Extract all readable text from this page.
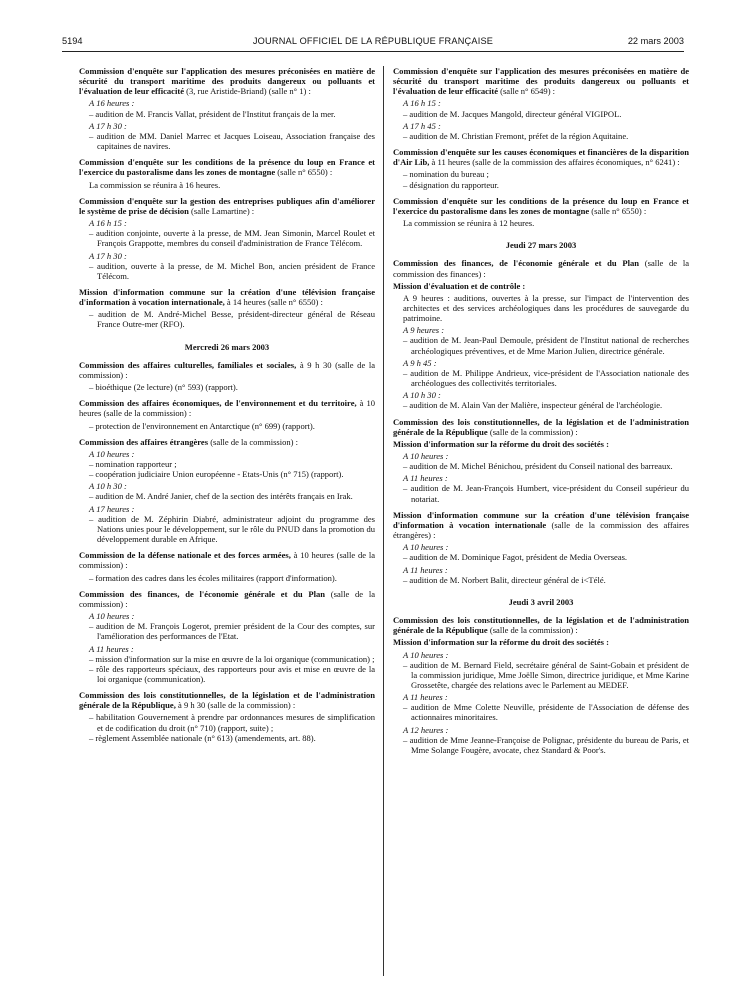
5194	JOURNAL OFFICIEL DE LA RÉPUBLIQUE FRANÇAISE	22 mars 2003

Commission d'enquête sur l'application des mesures préconisées en matière de sécurité du transport maritime des produits dangereux ou polluants et l'évaluation de leur efficacité (3, rue Aristide-Briand) (salle n° 1) :

A 16 heures :

– audition de M. Francis Vallat, président de l'Institut français de la mer.

A 17 h 30 :

– audition de MM. Daniel Marrec et Jacques Loiseau, Association française des capitaines de navires.

Commission d'enquête sur les conditions de la présence du loup en France et l'exercice du pastoralisme dans les zones de montagne (salle n° 6550) :

La commission se réunira à 16 heures.

Commission d'enquête sur la gestion des entreprises publiques afin d'améliorer le système de prise de décision (salle Lamartine) :

A 16 h 15 :

– audition conjointe, ouverte à la presse, de MM. Jean Simonin, Marcel Roulet et François Grappotte, membres du conseil d'administration de France Télécom.

A 17 h 30 :

– audition, ouverte à la presse, de M. Michel Bon, ancien président de France Télécom.

Mission d'information commune sur la création d'une télévision française d'information à vocation internationale, à 14 heures (salle n° 6550) :

– audition de M. André-Michel Besse, président-directeur général de Réseau France Outre-mer (RFO).

Mercredi 26 mars 2003

Commission des affaires culturelles, familiales et sociales, à 9 h 30 (salle de la commission) :

– bioéthique (2e lecture) (n° 593) (rapport).

Commission des affaires économiques, de l'environnement et du territoire, à 10 heures (salle de la commission) :

– protection de l'environnement en Antarctique (n° 699) (rapport).

Commission des affaires étrangères (salle de la commission) :

A 10 heures :

– nomination rapporteur ;

– coopération judiciaire Union européenne - Etats-Unis (n° 715) (rapport).

A 10 h 30 :

– audition de M. André Janier, chef de la section des intérêts français en Irak.

A 17 heures :

– audition de M. Zéphirin Diabré, administrateur adjoint du programme des Nations unies pour le développement, sur le rôle du PNUD dans la promotion du développement durable en Afrique.

Commission de la défense nationale et des forces armées, à 10 heures (salle de la commission) :

– formation des cadres dans les écoles militaires (rapport d'information).

Commission des finances, de l'économie générale et du Plan (salle de la commission) :

A 10 heures :

– audition de M. François Logerot, premier président de la Cour des comptes, sur l'amélioration des performances de l'Etat.

A 11 heures :

– mission d'information sur la mise en œuvre de la loi organique (communication) ;

– rôle des rapporteurs spéciaux, des rapporteurs pour avis et mise en œuvre de la loi organique (communication).

Commission des lois constitutionnelles, de la législation et de l'administration générale de la République, à 9 h 30 (salle de la commission) :

– habilitation Gouvernement à prendre par ordonnances mesures de simplification et de codification du droit (n° 710) (rapport, suite) ;

– règlement Assemblée nationale (n° 613) (amendements, art. 88).

Commission d'enquête sur l'application des mesures préconisées en matière de sécurité du transport maritime des produits dangereux ou polluants et l'évaluation de leur efficacité (salle n° 6549) :

A 16 h 15 :

– audition de M. Jacques Mangold, directeur général VIGIPOL.

A 17 h 45 :

– audition de M. Christian Fremont, préfet de la région Aquitaine.

Commission d'enquête sur les causes économiques et financières de la disparition d'Air Lib, à 11 heures (salle de la commission des affaires économiques, n° 6241) :

– nomination du bureau ;

– désignation du rapporteur.

Commission d'enquête sur les conditions de la présence du loup en France et l'exercice du pastoralisme dans les zones de montagne (salle n° 6550) :

La commission se réunira à 12 heures.

Jeudi 27 mars 2003

Commission des finances, de l'économie générale et du Plan (salle de la commission des finances) :

Mission d'évaluation et de contrôle :

A 9 heures : auditions, ouvertes à la presse, sur l'impact de l'intervention des architectes et des services archéologiques dans les procédures de sauvegarde du patrimoine.

A 9 heures :

– audition de M. Jean-Paul Demoule, président de l'Institut national de recherches archéologiques préventives, et de Mme Marion Julien, directrice générale.

A 9 h 45 :

– audition de M. Philippe Andrieux, vice-président de l'Association nationale des archéologues des collectivités territoriales.

A 10 h 30 :

– audition de M. Alain Van der Malière, inspecteur général de l'archéologie.

Commission des lois constitutionnelles, de la législation et de l'administration générale de la République (salle de la commission) :

Mission d'information sur la réforme du droit des sociétés :

A 10 heures :

– audition de M. Michel Bénichou, président du Conseil national des barreaux.

A 11 heures :

– audition de M. Jean-François Humbert, vice-président du Conseil supérieur du notariat.

Mission d'information commune sur la création d'une télévision française d'information à vocation internationale (salle de la commission des affaires étrangères) :

A 10 heures :

– audition de M. Dominique Fagot, président de Media Overseas.

A 11 heures :

– audition de M. Norbert Balit, directeur général de i<Télé.

Jeudi 3 avril 2003

Commission des lois constitutionnelles, de la législation et de l'administration générale de la République (salle de la commission) :

Mission d'information sur la réforme du droit des sociétés :

A 10 heures :

– audition de M. Bernard Field, secrétaire général de Saint-Gobain et président de la commission juridique, Mme Joëlle Simon, directrice juridique, et Mme Karine Grossetête, chargée des relations avec le Parlement au MEDEF.

A 11 heures :

– audition de Mme Colette Neuville, présidente de l'Association de défense des actionnaires minoritaires.

A 12 heures :

– audition de Mme Jeanne-Françoise de Polignac, présidente du bureau de Paris, et Mme Solange Fougère, avocate, chez Standard & Poor's.
